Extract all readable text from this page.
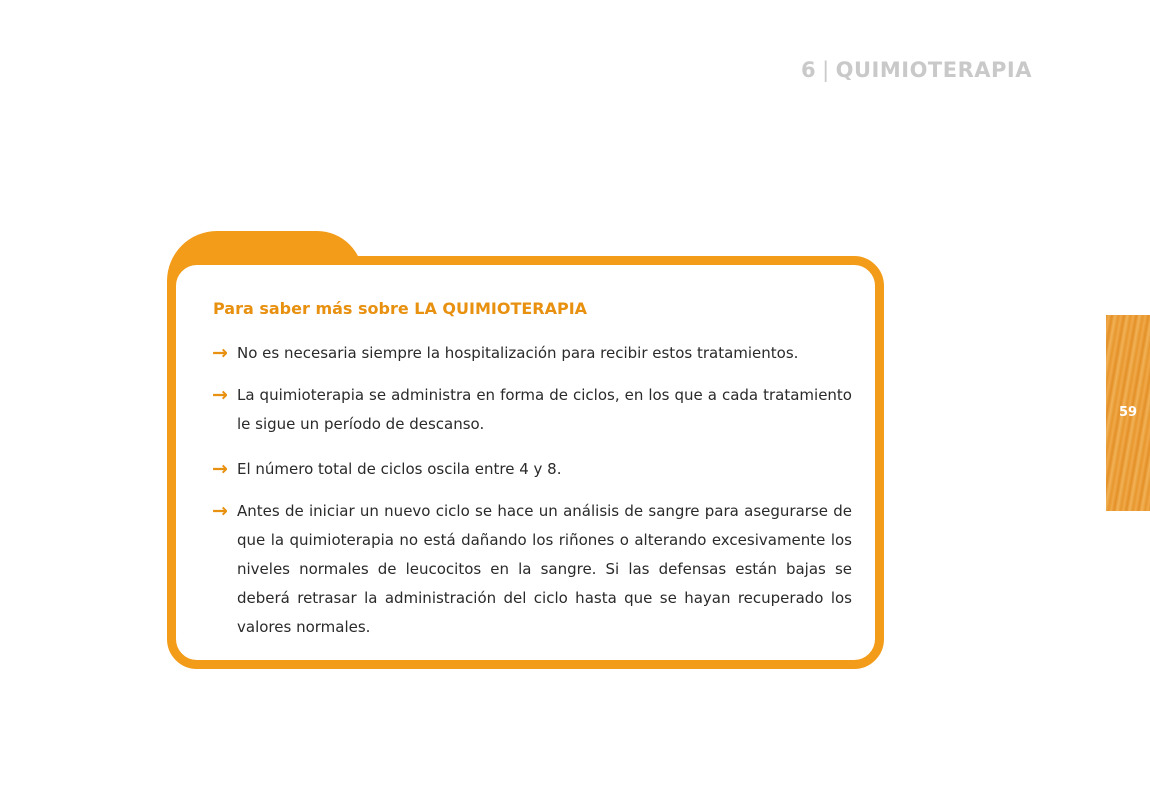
6 | QUIMIOTERAPIA
59
Para saber más sobre LA QUIMIOTERAPIA
→ No es necesaria siempre la hospitalización para recibir estos tratamientos.
→ La quimioterapia se administra en forma de ciclos, en los que a cada tratamiento le sigue un período de descanso.
→ El número total de ciclos oscila entre 4 y 8.
→ Antes de iniciar un nuevo ciclo se hace un análisis de sangre para asegurarse de que la quimioterapia no está dañando los riñones o alterando excesivamente los niveles normales de leucocitos en la sangre. Si las defensas están bajas se deberá retrasar la administración del ciclo hasta que se hayan recuperado los valores normales.
